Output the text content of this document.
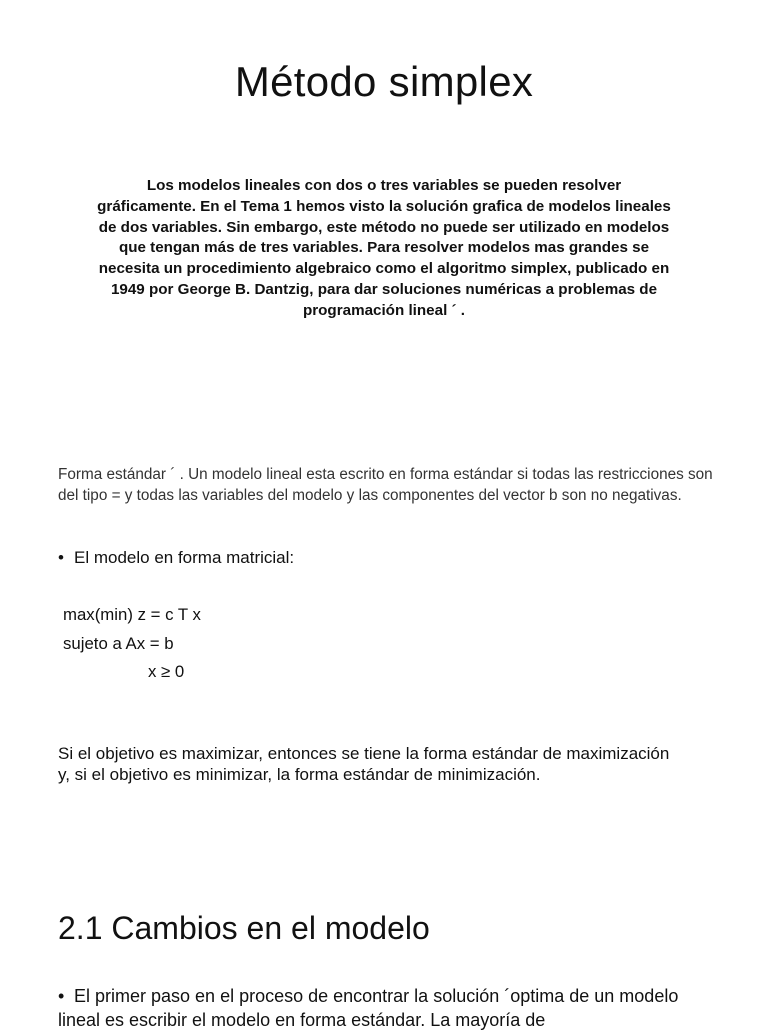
Método simplex
Los modelos lineales con dos o tres variables se pueden resolver gráficamente. En el Tema 1 hemos visto la solución grafica de modelos lineales de dos variables. Sin embargo, este método no puede ser utilizado en modelos que tengan más de tres variables. Para resolver modelos mas grandes se necesita un procedimiento algebraico como el algoritmo simplex, publicado en 1949 por George B. Dantzig, para dar soluciones numéricas a problemas de programación lineal ´ .
Forma estándar ´ . Un modelo lineal esta escrito en forma estándar si todas las restricciones son del tipo = y todas las variables del modelo y las componentes del vector b son no negativas.
• El modelo en forma matricial:
max(min) z = c T x
sujeto a Ax = b
x ≥ 0
Si el objetivo es maximizar, entonces se tiene la forma estándar de maximización y, si el objetivo es minimizar, la forma estándar de minimización.
2.1 Cambios en el modelo
• El primer paso en el proceso de encontrar la solución ´optima de un modelo lineal es escribir el modelo en forma estándar. La mayoría de
